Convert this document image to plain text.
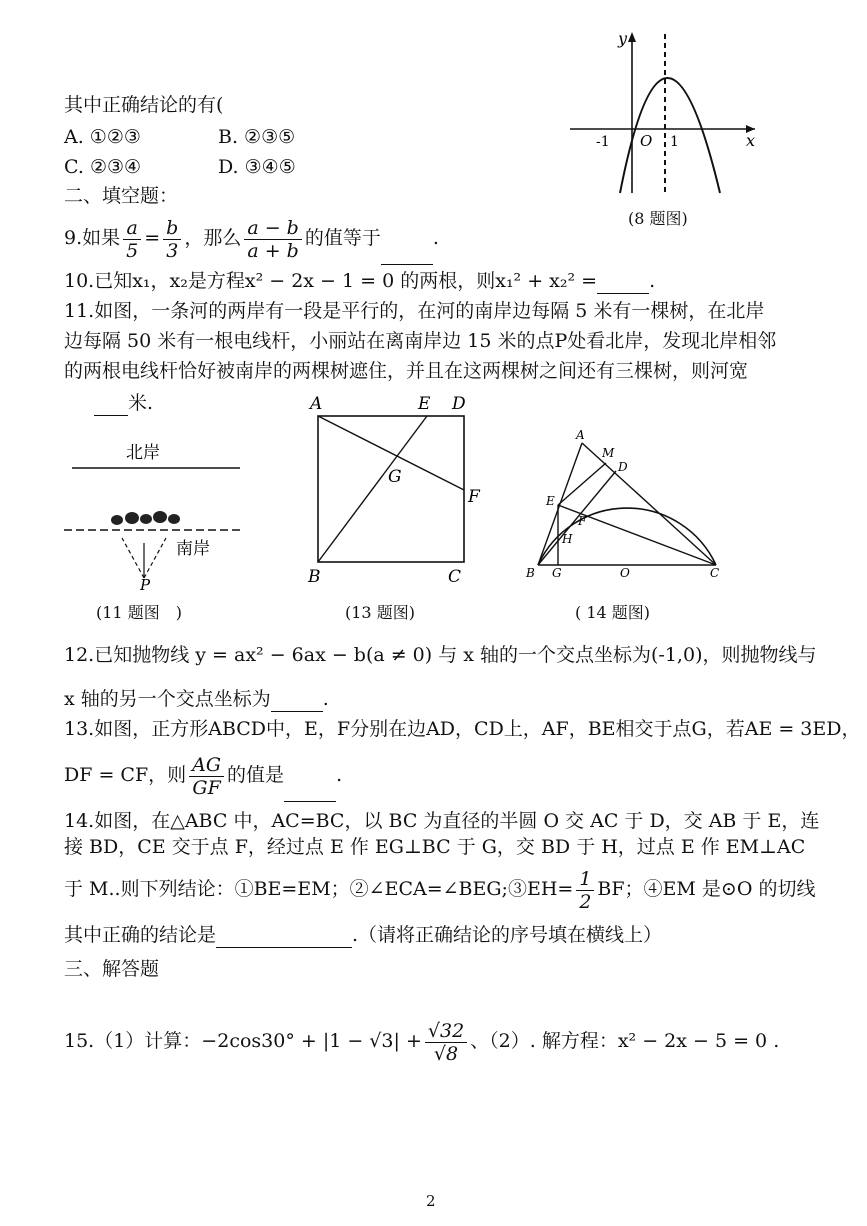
其中正确结论的有(
A. ①②③	B. ②③⑤
C. ②③④	D. ③④⑤
二、填空题：
y
x
O
-1	1
(8 题图)
9.如果 $\frac{a}{5} = \frac{b}{3}$ ，那么 $\frac{a - b}{a + b}$ 的值等于	.
10.已知x₁，x₂是方程x² − 2x − 1 = 0 的两根，则x₁² + x₂² =	.
11.如图，一条河的两岸有一段是平行的，在河的南岸边每隔 5 米有一棵树，在北岸
边每隔 50 米有一根电线杆，小丽站在离南岸边 15 米的点P处看北岸，发现北岸相邻
的两根电线杆恰好被南岸的两棵树遮住，并且在这两棵树之间还有三棵树，则河宽
米.
北岸
南岸
P
(11 题图　)
A	E D
F
G
B	C
(13 题图)
A
M
D
E
F
H
B G	O	C
( 14 题图)
12.已知抛物线 y = ax² − 6ax − b(a ≠ 0) 与 x 轴的一个交点坐标为(-1,0)，则抛物线与
x 轴的另一个交点坐标为	.
13.如图，正方形ABCD中，E，F分别在边AD，CD上，AF，BE相交于点G，若AE = 3ED，
DF = CF，则 $\frac{AG}{GF}$ 的值是	.
14.如图，在△ABC 中，AC=BC，以 BC 为直径的半圆 O 交 AC 于 D，交 AB 于 E，连
接 BD，CE 交于点 F，经过点 E 作 EG⊥BC 于 G，交 BD 于 H，过点 E 作 EM⊥AC
于 M..则下列结论：①BE=EM；②∠ECA=∠BEG;③EH= $\frac{1}{2}$ BF；④EM 是⊙O 的切线
其中正确的结论是	.（请将正确结论的序号填在横线上）
三、解答题
15.（1）计算：$-2\cos 30^\circ + |1 - √3| + \frac{√32}{√8}$ 、（2）. 解方程：x² − 2x − 5 = 0 .
2
